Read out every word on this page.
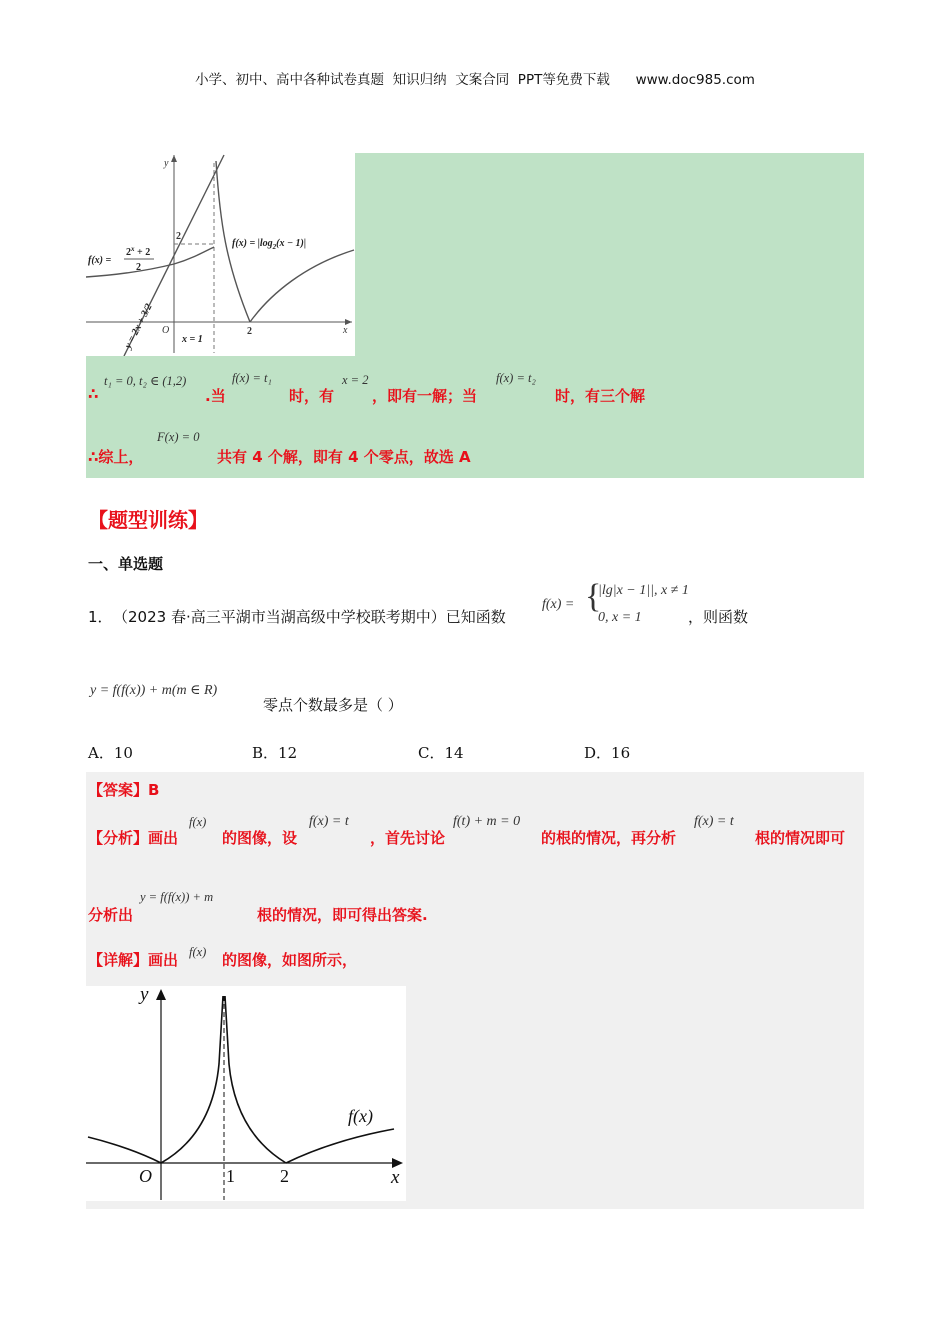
小学、初中、高中各种试卷真题  知识归纳  文案合同  PPT等免费下载 www.doc985.com
y
x
O
2
2
f(x) =
$2^x + 2$
2
$f(x) = |\log_2(x - 1)|$
y = 2x + 3/2	x = 1
∴
t₁ = 0, t₂ ∈ (1,2)
.当
f(x) = t₁
时，有
x = 2
，即有一解；当
f(x) = t₂
时，有三个解
∴综上，
F(x) = 0
共有 4 个解，即有 4 个零点，故选 A
【题型训练】
一、单选题
1． （2023 春·高三平湖市当湖高级中学校联考期中）已知函数
f(x) = {
|lg|x − 1||, x ≠ 1
0, x = 1	，则函数
y = f(f(x)) + m(m ∈ R)
零点个数最多是（ ）
A．10	B．12	C．14	D．16
【答案】B
【分析】画出
f(x)
的图像，设
f(x) = t
，首先讨论
f(t) + m = 0
的根的情况，再分析
f(x) = t
根的情况即可
分析出
y = f(f(x)) + m
根的情况，即可得出答案.
【详解】画出 f(x) 的图像，如图所示，
y
x
O	1	2
f(x)
